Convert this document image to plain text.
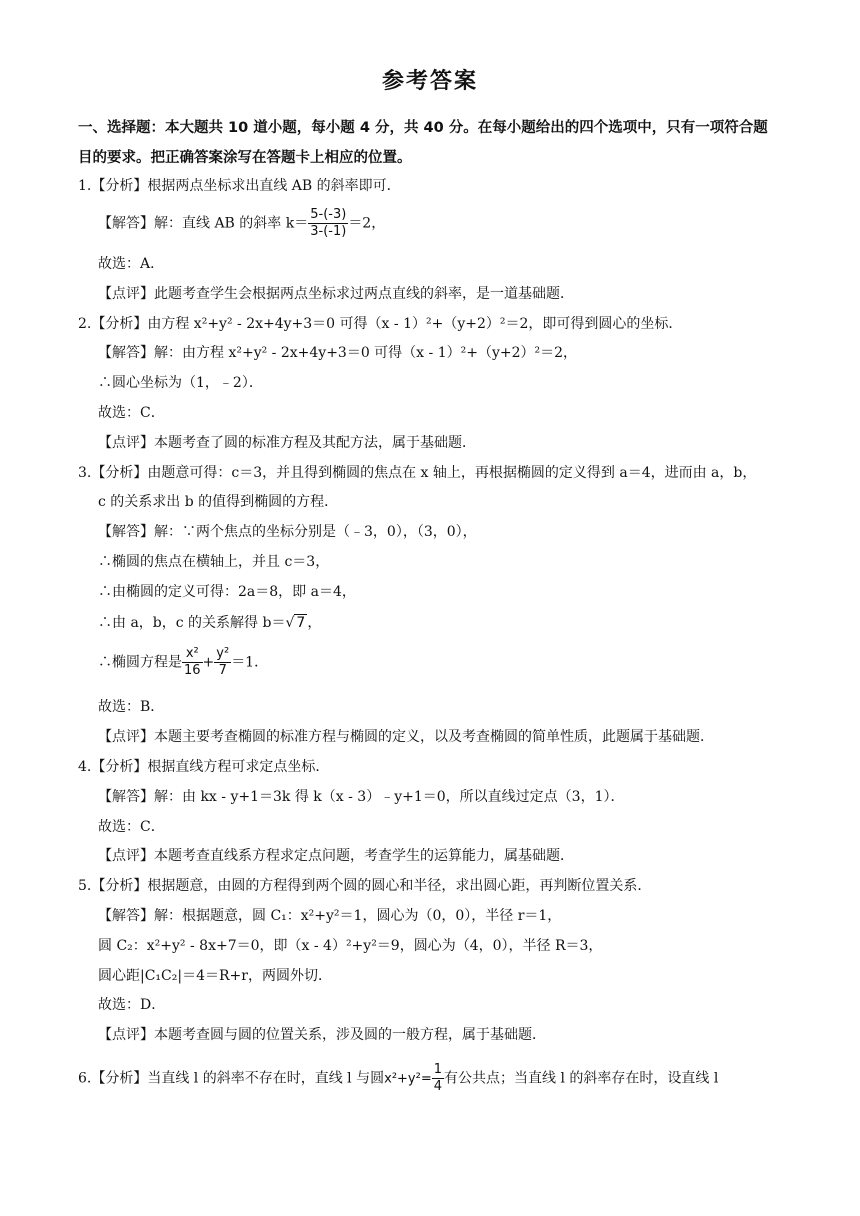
参考答案
一、选择题：本大题共 10 道小题，每小题 4 分，共 40 分。在每小题给出的四个选项中，只有一项符合题
目的要求。把正确答案涂写在答题卡上相应的位置。
1.【分析】根据两点坐标求出直线 AB 的斜率即可．
【解答】解：直线 AB 的斜率 $k= \frac{5-(-3)}{3-(-1)} =2$，
故选：A．
【点评】此题考查学生会根据两点坐标求过两点直线的斜率，是一道基础题．
2.【分析】由方程 x²+y² - 2x+4y+3＝0 可得（x - 1）²+（y+2）²＝2，即可得到圆心的坐标．
【解答】解：由方程 x²+y² - 2x+4y+3＝0 可得（x - 1）²+（y+2）²＝2，
∴圆心坐标为（1，﹣2）．
故选：C．
【点评】本题考查了圆的标准方程及其配方法，属于基础题．
3.【分析】由题意可得：c＝3，并且得到椭圆的焦点在 x 轴上，再根据椭圆的定义得到 a＝4，进而由 a，b，
c 的关系求出 b 的值得到椭圆的方程．
【解答】解：∵两个焦点的坐标分别是（﹣3，0），（3，0），
∴椭圆的焦点在横轴上，并且 c＝3，
∴由椭圆的定义可得：2a＝8，即 a＝4，
∴由 a，b，c 的关系解得 b＝√ 7 ，
∴椭圆方程是 $\frac{\text{x²}}{16} + \frac{\text{y²}}{7} =1$．
故选：B．
【点评】本题主要考查椭圆的标准方程与椭圆的定义，以及考查椭圆的简单性质，此题属于基础题．
4.【分析】根据直线方程可求定点坐标．
【解答】解：由 kx - y+1＝3k 得 k（x - 3）﹣y+1＝0，所以直线过定点（3，1）．
故选：C．
【点评】本题考查直线系方程求定点问题，考查学生的运算能力，属基础题．
5.【分析】根据题意，由圆的方程得到两个圆的圆心和半径，求出圆心距，再判断位置关系．
【解答】解：根据题意，圆 C₁：x²+y²＝1，圆心为（0，0），半径 r＝1，
圆 C₂：x²+y² - 8x+7＝0，即（x - 4）²+y²＝9，圆心为（4，0），半径 R＝3，
圆心距|C₁C₂|＝4＝R+r，两圆外切．
故选：D．
【点评】本题考查圆与圆的位置关系，涉及圆的一般方程，属于基础题．
6.【分析】当直线 l 的斜率不存在时，直线 l 与圆$x^2+y^2= \frac{1}{4}$ 有公共点；当直线 l 的斜率存在时，设直线 l
